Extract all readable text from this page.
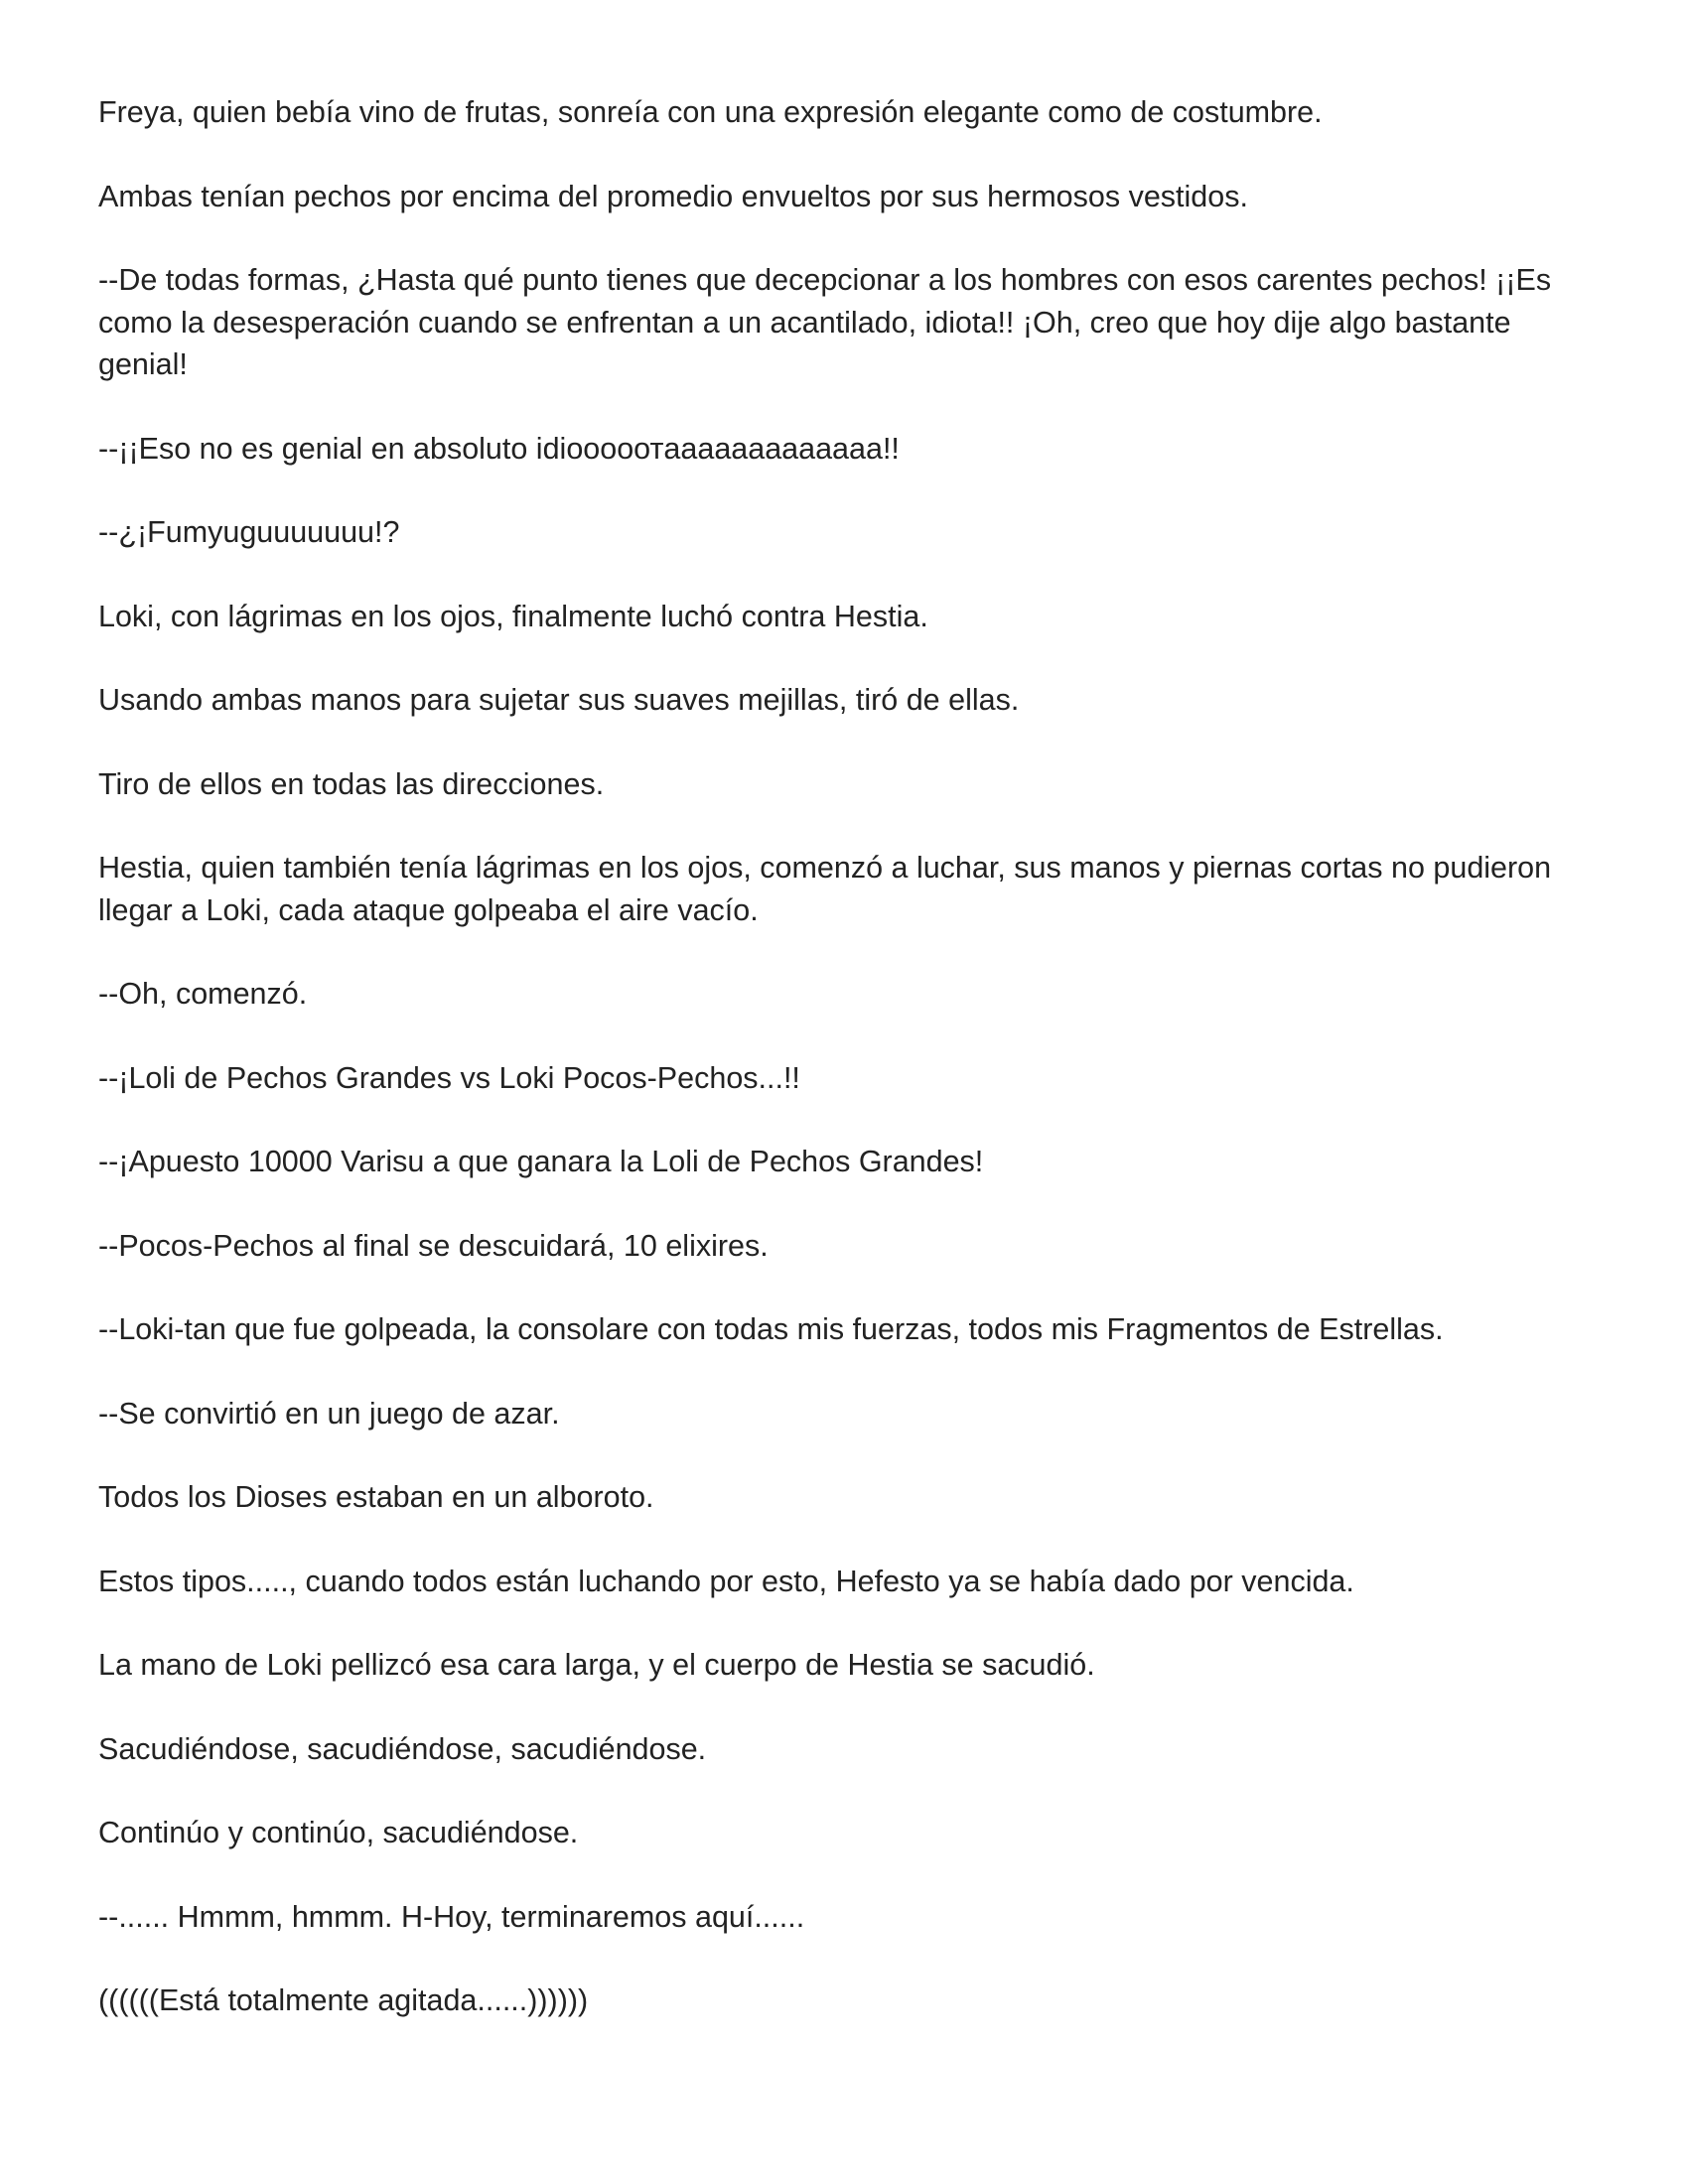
Freya, quien bebía vino de frutas, sonreía con una expresión elegante como de costumbre.

Ambas tenían pechos por encima del promedio envueltos por sus hermosos vestidos.

--De todas formas, ¿Hasta qué punto tienes que decepcionar a los hombres con esos carentes pechos! ¡¡Es como la desesperación cuando se enfrentan a un acantilado, idiota!! ¡Oh, creo que hoy dije algo bastante genial!

--¡¡Eso no es genial en absoluto idiooooотaaaaaaaaaaaaa!!

--¿¡Fumyuguuuuuuu!?

Loki, con lágrimas en los ojos, finalmente luchó contra Hestia.

Usando ambas manos para sujetar sus suaves mejillas, tiró de ellas.

Tiro de ellos en todas las direcciones.

Hestia, quien también tenía lágrimas en los ojos, comenzó a luchar, sus manos y piernas cortas no pudieron llegar a Loki, cada ataque golpeaba el aire vacío.

--Oh, comenzó.

--¡Loli de Pechos Grandes vs Loki Pocos-Pechos...!!

--¡Apuesto 10000 Varisu a que ganara la Loli de Pechos Grandes!

--Pocos-Pechos al final se descuidará, 10 elixires.

--Loki-tan que fue golpeada, la consolare con todas mis fuerzas, todos mis Fragmentos de Estrellas.

--Se convirtió en un juego de azar.

Todos los Dioses estaban en un alboroto.

Estos tipos....., cuando todos están luchando por esto, Hefesto ya se había dado por vencida.

La mano de Loki pellizcó esa cara larga, y el cuerpo de Hestia se sacudió.

Sacudiéndose, sacudiéndose, sacudiéndose.

Continúo y continúo, sacudiéndose.

--...... Hmmm, hmmm. H-Hoy, terminaremos aquí......

((((((Está totalmente agitada......))))))
